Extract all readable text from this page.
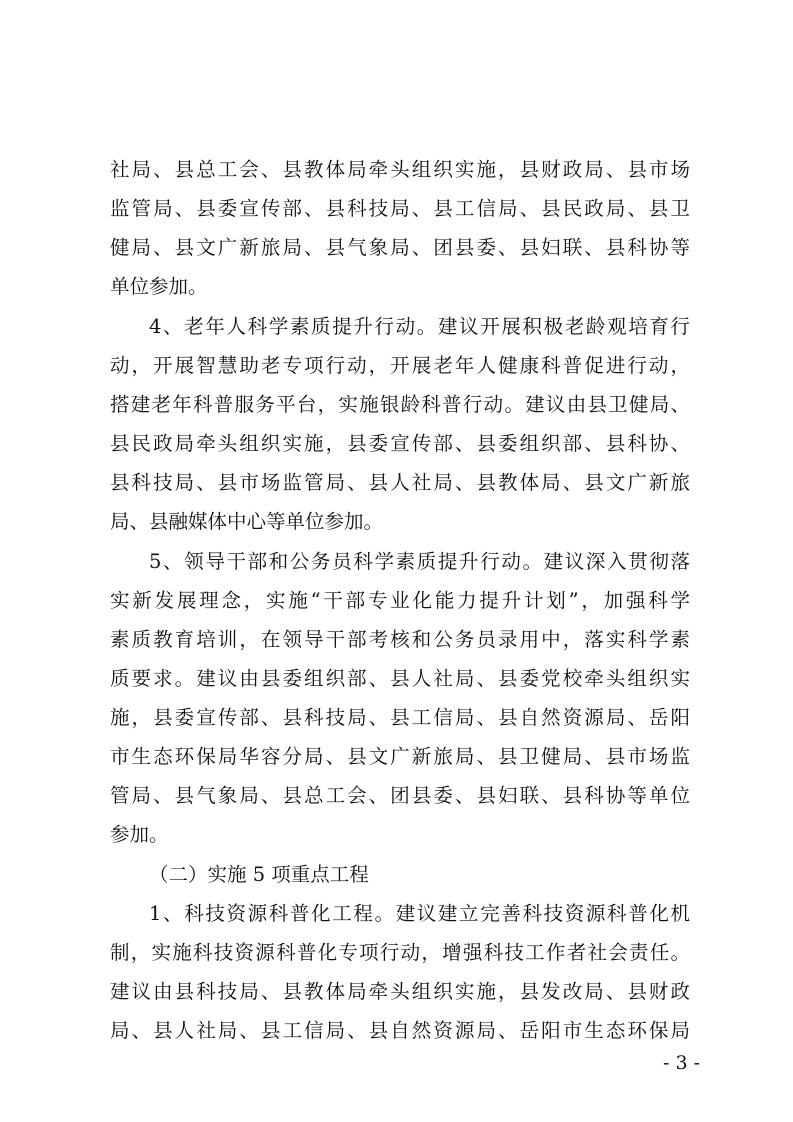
社局、县总工会、县教体局牵头组织实施，县财政局、县市场
监管局、县委宣传部、县科技局、县工信局、县民政局、县卫
健局、县文广新旅局、县气象局、团县委、县妇联、县科协等
单位参加。
4、老年人科学素质提升行动。建议开展积极老龄观培育行
动，开展智慧助老专项行动，开展老年人健康科普促进行动，
搭建老年科普服务平台，实施银龄科普行动。建议由县卫健局、
县民政局牵头组织实施，县委宣传部、县委组织部、县科协、
县科技局、县市场监管局、县人社局、县教体局、县文广新旅
局、县融媒体中心等单位参加。
5、领导干部和公务员科学素质提升行动。建议深入贯彻落
实新发展理念，实施“干部专业化能力提升计划”，加强科学
素质教育培训，在领导干部考核和公务员录用中，落实科学素
质要求。建议由县委组织部、县人社局、县委党校牵头组织实
施，县委宣传部、县科技局、县工信局、县自然资源局、岳阳
市生态环保局华容分局、县文广新旅局、县卫健局、县市场监
管局、县气象局、县总工会、团县委、县妇联、县科协等单位
参加。
（二）实施 5 项重点工程
1、科技资源科普化工程。建议建立完善科技资源科普化机
制，实施科技资源科普化专项行动，增强科技工作者社会责任。
建议由县科技局、县教体局牵头组织实施，县发改局、县财政
局、县人社局、县工信局、县自然资源局、岳阳市生态环保局
- 3 -
